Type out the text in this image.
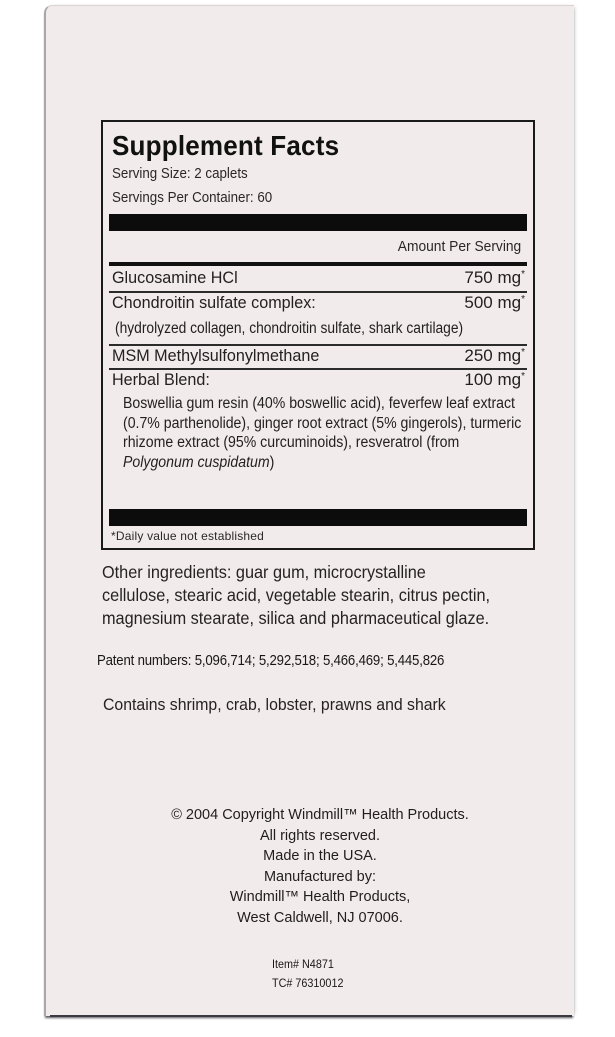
Supplement Facts
Serving Size: 2 caplets
Servings Per Container: 60
Amount Per Serving
Glucosamine HCl	750 mg*
Chondroitin sulfate complex:	500 mg*
(hydrolyzed collagen, chondroitin sulfate, shark cartilage)
MSM Methylsulfonylmethane	250 mg*
Herbal Blend:	100 mg*
Boswellia gum resin (40% boswellic acid), feverfew leaf extract (0.7% parthenolide), ginger root extract (5% gingerols), turmeric rhizome extract (95% curcuminoids), resveratrol (from Polygonum cuspidatum)
*Daily value not established
Other ingredients: guar gum, microcrystalline
cellulose, stearic acid, vegetable stearin, citrus pectin,
magnesium stearate, silica and pharmaceutical glaze.
Patent numbers: 5,096,714; 5,292,518; 5,466,469; 5,445,826
Contains shrimp, crab, lobster, prawns and shark
© 2004 Copyright Windmill™ Health Products.
All rights reserved.
Made in the USA.
Manufactured by:
Windmill™ Health Products,
West Caldwell, NJ 07006.
Item# N4871
TC# 76310012
